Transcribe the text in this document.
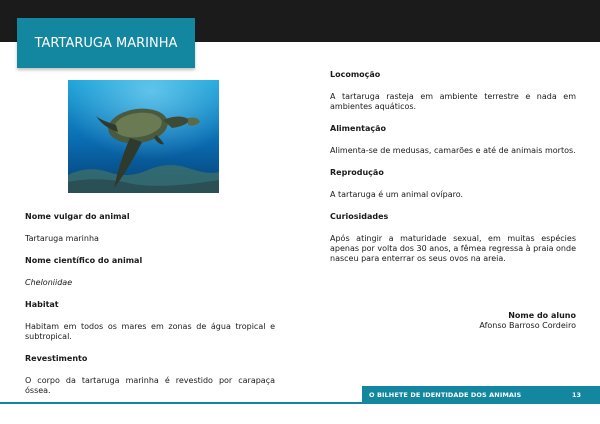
TARTARUGA MARINHA
Nome vulgar do animal
Tartaruga marinha
Nome científico do animal
Cheloniidae
Habitat
Habitam em todos os mares em zonas de água tropical e subtropical.
Revestimento
O corpo da tartaruga marinha é revestido por carapaça óssea.
Locomoção
A tartaruga rasteja em ambiente terrestre e nada em ambientes aquáticos.
Alimentação
Alimenta-se de medusas, camarões e até de animais mortos.
Reprodução
A tartaruga é um animal ovíparo.
Curiosidades
Após atingir a maturidade sexual, em muitas espécies apenas por volta dos 30 anos, a fêmea regressa à praia onde nasceu para enterrar os seus ovos na areia.
Nome do aluno
Afonso Barroso Cordeiro
O BILHETE DE IDENTIDADE DOS ANIMAIS	13
